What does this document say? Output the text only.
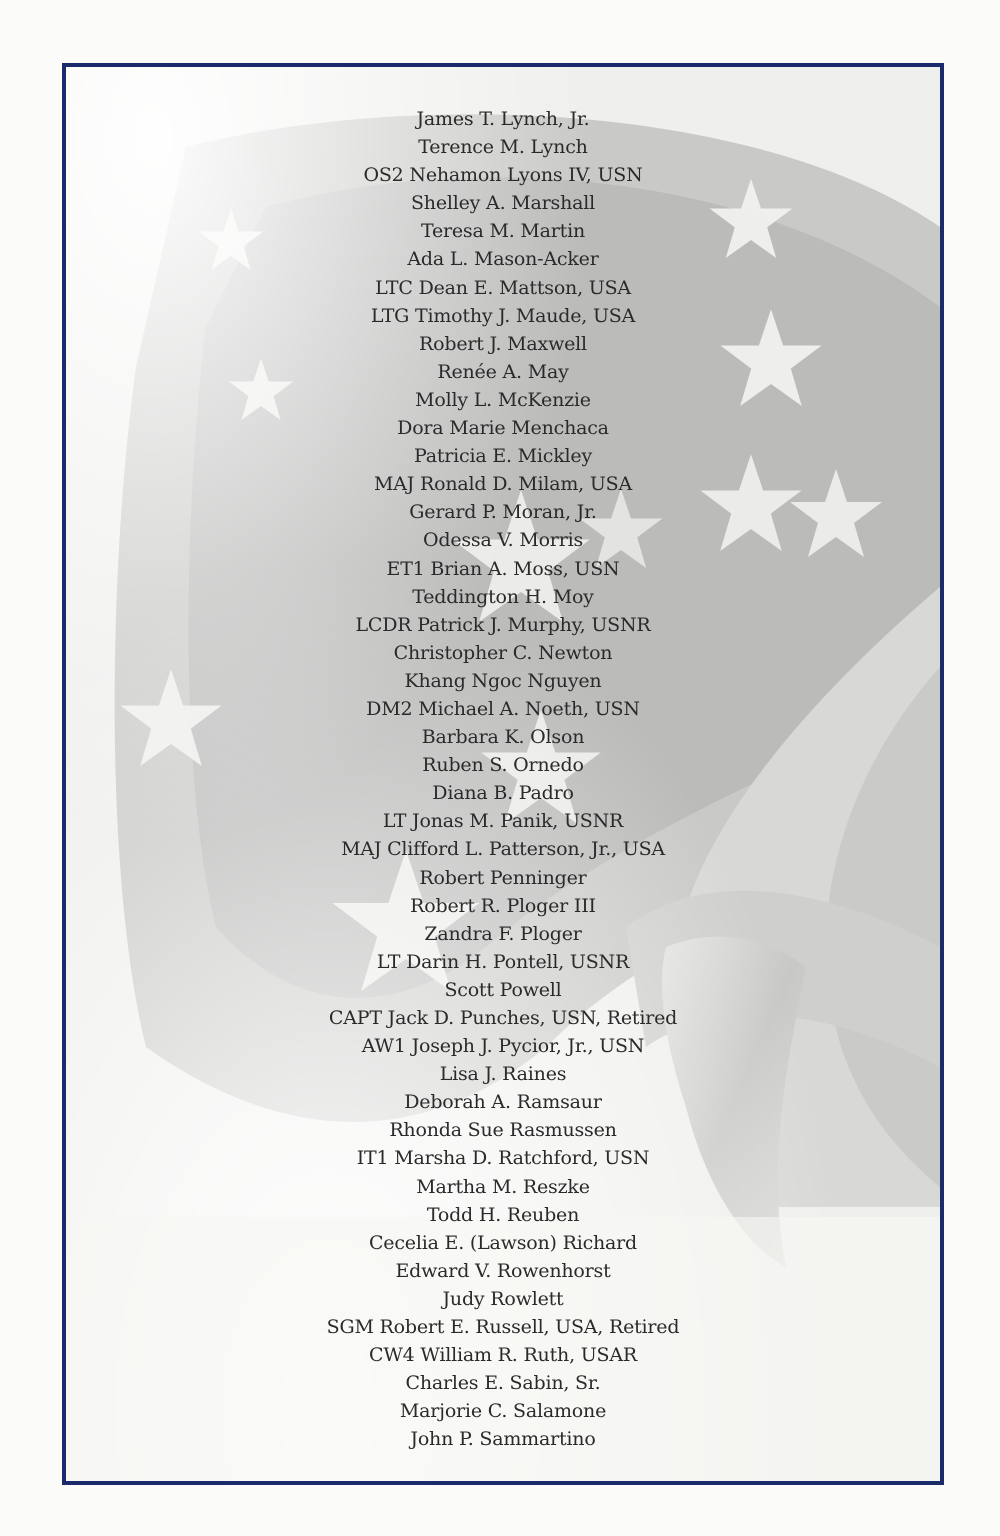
James T. Lynch, Jr.
Terence M. Lynch
OS2 Nehamon Lyons IV, USN
Shelley A. Marshall
Teresa M. Martin
Ada L. Mason-Acker
LTC Dean E. Mattson, USA
LTG Timothy J. Maude, USA
Robert J. Maxwell
Renée A. May
Molly L. McKenzie
Dora Marie Menchaca
Patricia E. Mickley
MAJ Ronald D. Milam, USA
Gerard P. Moran, Jr.
Odessa V. Morris
ET1 Brian A. Moss, USN
Teddington H. Moy
LCDR Patrick J. Murphy, USNR
Christopher C. Newton
Khang Ngoc Nguyen
DM2 Michael A. Noeth, USN
Barbara K. Olson
Ruben S. Ornedo
Diana B. Padro
LT Jonas M. Panik, USNR
MAJ Clifford L. Patterson, Jr., USA
Robert Penninger
Robert R. Ploger III
Zandra F. Ploger
LT Darin H. Pontell, USNR
Scott Powell
CAPT Jack D. Punches, USN, Retired
AW1 Joseph J. Pycior, Jr., USN
Lisa J. Raines
Deborah A. Ramsaur
Rhonda Sue Rasmussen
IT1 Marsha D. Ratchford, USN
Martha M. Reszke
Todd H. Reuben
Cecelia E. (Lawson) Richard
Edward V. Rowenhorst
Judy Rowlett
SGM Robert E. Russell, USA, Retired
CW4 William R. Ruth, USAR
Charles E. Sabin, Sr.
Marjorie C. Salamone
John P. Sammartino
